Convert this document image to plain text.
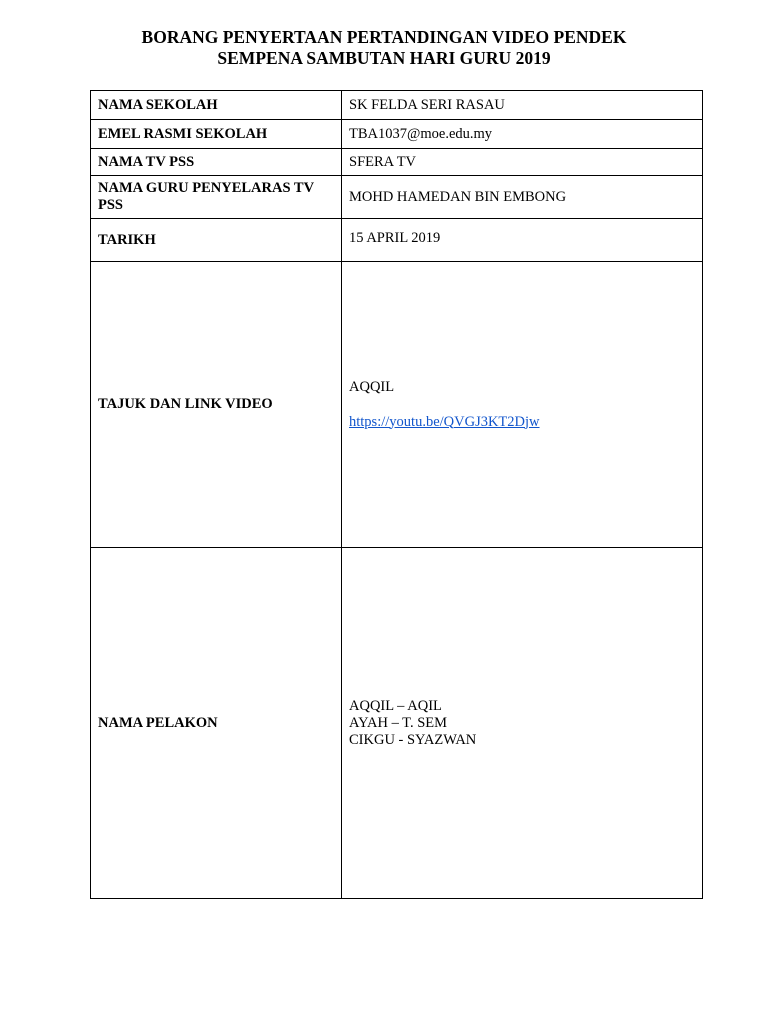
BORANG PENYERTAAN PERTANDINGAN VIDEO PENDEK
SEMPENA SAMBUTAN HARI GURU 2019
NAMA SEKOLAH	SK FELDA SERI RASAU
EMEL RASMI SEKOLAH	TBA1037@moe.edu.my
NAMA TV PSS	SFERA TV
NAMA GURU PENYELARAS TV PSS	MOHD HAMEDAN BIN EMBONG
TARIKH	15 APRIL 2019
TAJUK DAN LINK VIDEO	AQQIL
https://youtu.be/QVGJ3KT2Djw

NAMA PELAKON	AQQIL – AQIL
AYAH – T. SEM
CIKGU - SYAZWAN
